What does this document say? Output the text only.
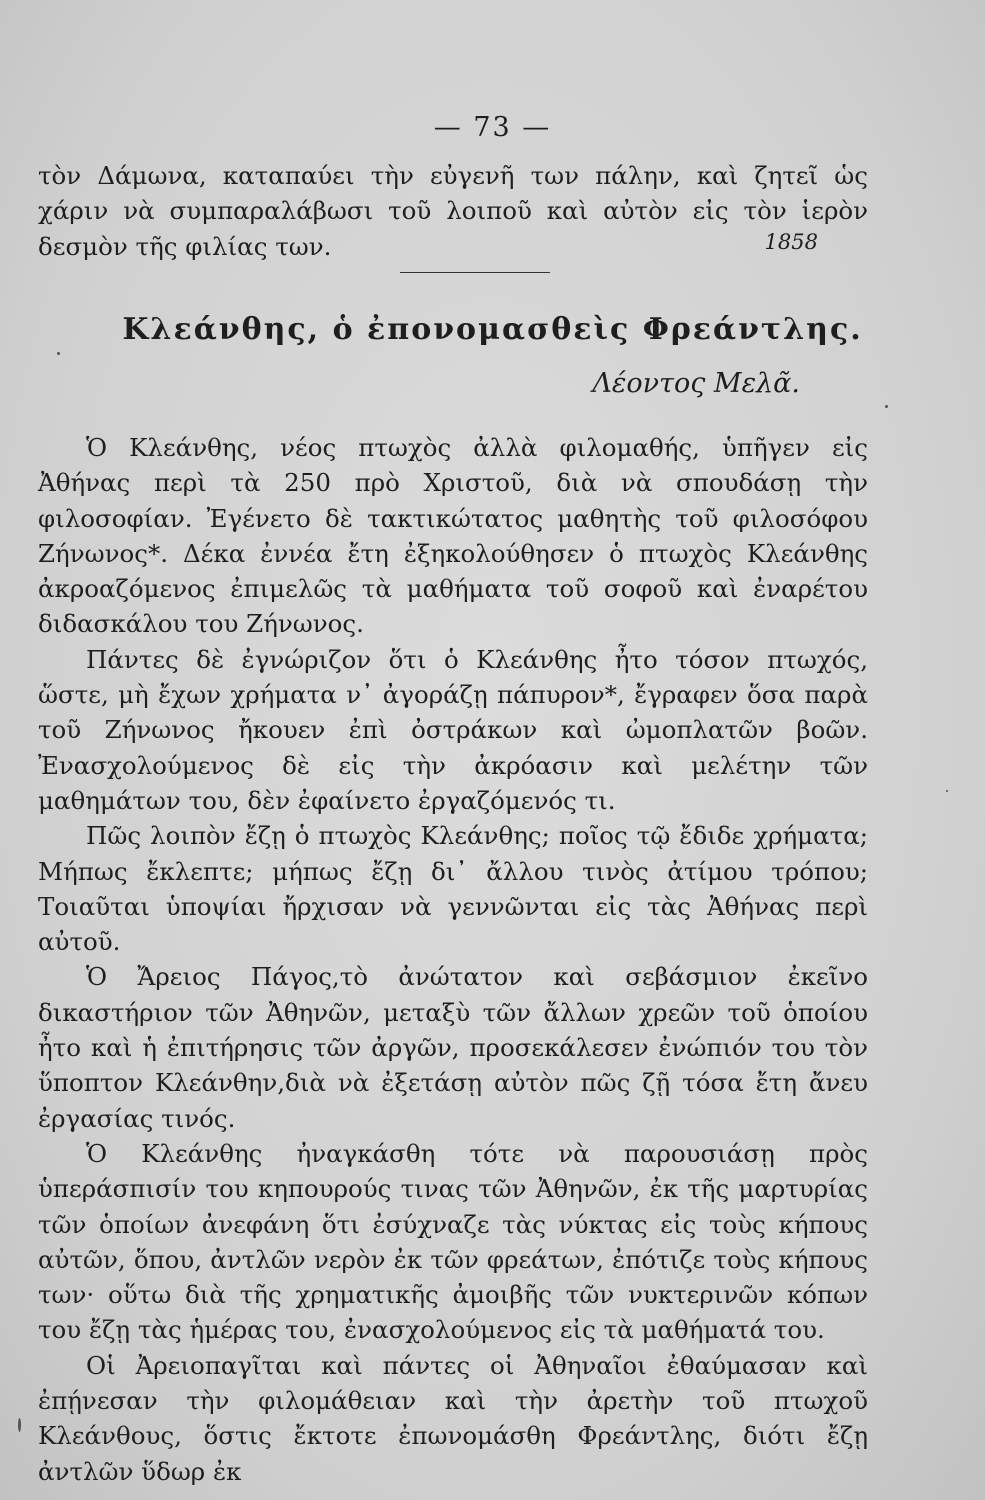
— 73 —

τὸν Δάμωνα, καταπαύει τὴν εὐγενῆ των πάλην, καὶ ζητεῖ ὡς χάριν νὰ συμπαραλάβωσι τοῦ λοιποῦ καὶ αὐτὸν εἰς τὸν ἱερὸν δεσμὸν τῆς φιλίας των.	1858
Κλεάνθης, ὁ ἐπονομασθεὶς Φρεάντλης.
Λέοντος Μελᾶ.

Ὁ Κλεάνθης, νέος πτωχὸς ἀλλὰ φιλομαθής, ὑπῆγεν εἰς Ἀθήνας περὶ τὰ 250 πρὸ Χριστοῦ, διὰ νὰ σπουδάσῃ τὴν φιλοσοφίαν. Ἐγένετο δὲ τακτικώτατος μαθητὴς τοῦ φιλοσόφου Ζήνωνος*. Δέκα ἐννέα ἔτη ἐξηκολούθησεν ὁ πτωχὸς Κλεάνθης ἀκροαζόμενος ἐπιμελῶς τὰ μαθήματα τοῦ σοφοῦ καὶ ἐναρέτου διδασκάλου του Ζήνωνος.

Πάντες δὲ ἐγνώριζον ὅτι ὁ Κλεάνθης ἦτο τόσον πτωχός, ὥστε, μὴ ἔχων χρήματα ν᾽ ἀγοράζῃ πάπυρον*, ἔγραφεν ὅσα παρὰ τοῦ Ζήνωνος ἤκουεν ἐπὶ ὀστράκων καὶ ὠμοπλατῶν βοῶν. Ἐνασχολούμενος δὲ εἰς τὴν ἀκρόασιν καὶ μελέτην τῶν μαθημάτων του, δὲν ἐφαίνετο ἐργαζόμενός τι.

Πῶς λοιπὸν ἔζῃ ὁ πτωχὸς Κλεάνθης; ποῖος τῷ ἔδιδε χρήματα; Μήπως ἔκλεπτε; μήπως ἔζῃ δι᾽ ἄλλου τινὸς ἀτίμου τρόπου; Τοιαῦται ὑποψίαι ἤρχισαν νὰ γεννῶνται εἰς τὰς Ἀθήνας περὶ αὐτοῦ.

Ὁ Ἄρειος Πάγος,τὸ ἀνώτατον καὶ σεβάσμιον ἐκεῖνο δικαστήριον τῶν Ἀθηνῶν, μεταξὺ τῶν ἄλλων χρεῶν τοῦ ὁποίου ἦτο καὶ ἡ ἐπιτήρησις τῶν ἀργῶν, προσεκάλεσεν ἐνώπιόν του τὸν ὕποπτον Κλεάνθην,διὰ νὰ ἐξετάσῃ αὐτὸν πῶς ζῇ τόσα ἔτη ἄνευ ἐργασίας τινός.

Ὁ Κλεάνθης ἠναγκάσθη τότε νὰ παρουσιάσῃ πρὸς ὑπεράσπισίν του κηπουρούς τινας τῶν Ἀθηνῶν, ἐκ τῆς μαρτυρίας τῶν ὁποίων ἀνεφάνη ὅτι ἐσύχναζε τὰς νύκτας εἰς τοὺς κήπους αὐτῶν, ὅπου, ἀντλῶν νερὸν ἐκ τῶν φρεάτων, ἐπότιζε τοὺς κήπους των· οὕτω διὰ τῆς χρηματικῆς ἀμοιβῆς τῶν νυκτερινῶν κόπων του ἔζῃ τὰς ἡμέρας του, ἐνασχολούμενος εἰς τὰ μαθήματά του.

Οἱ Ἀρειοπαγῖται καὶ πάντες οἱ Ἀθηναῖοι ἐθαύμασαν καὶ ἐπῄνεσαν τὴν φιλομάθειαν καὶ τὴν ἀρετὴν τοῦ πτωχοῦ Κλεάνθους, ὅστις ἔκτοτε ἐπωνομάσθη Φρεάντλης, διότι ἔζῃ ἀντλῶν ὕδωρ ἐκ
